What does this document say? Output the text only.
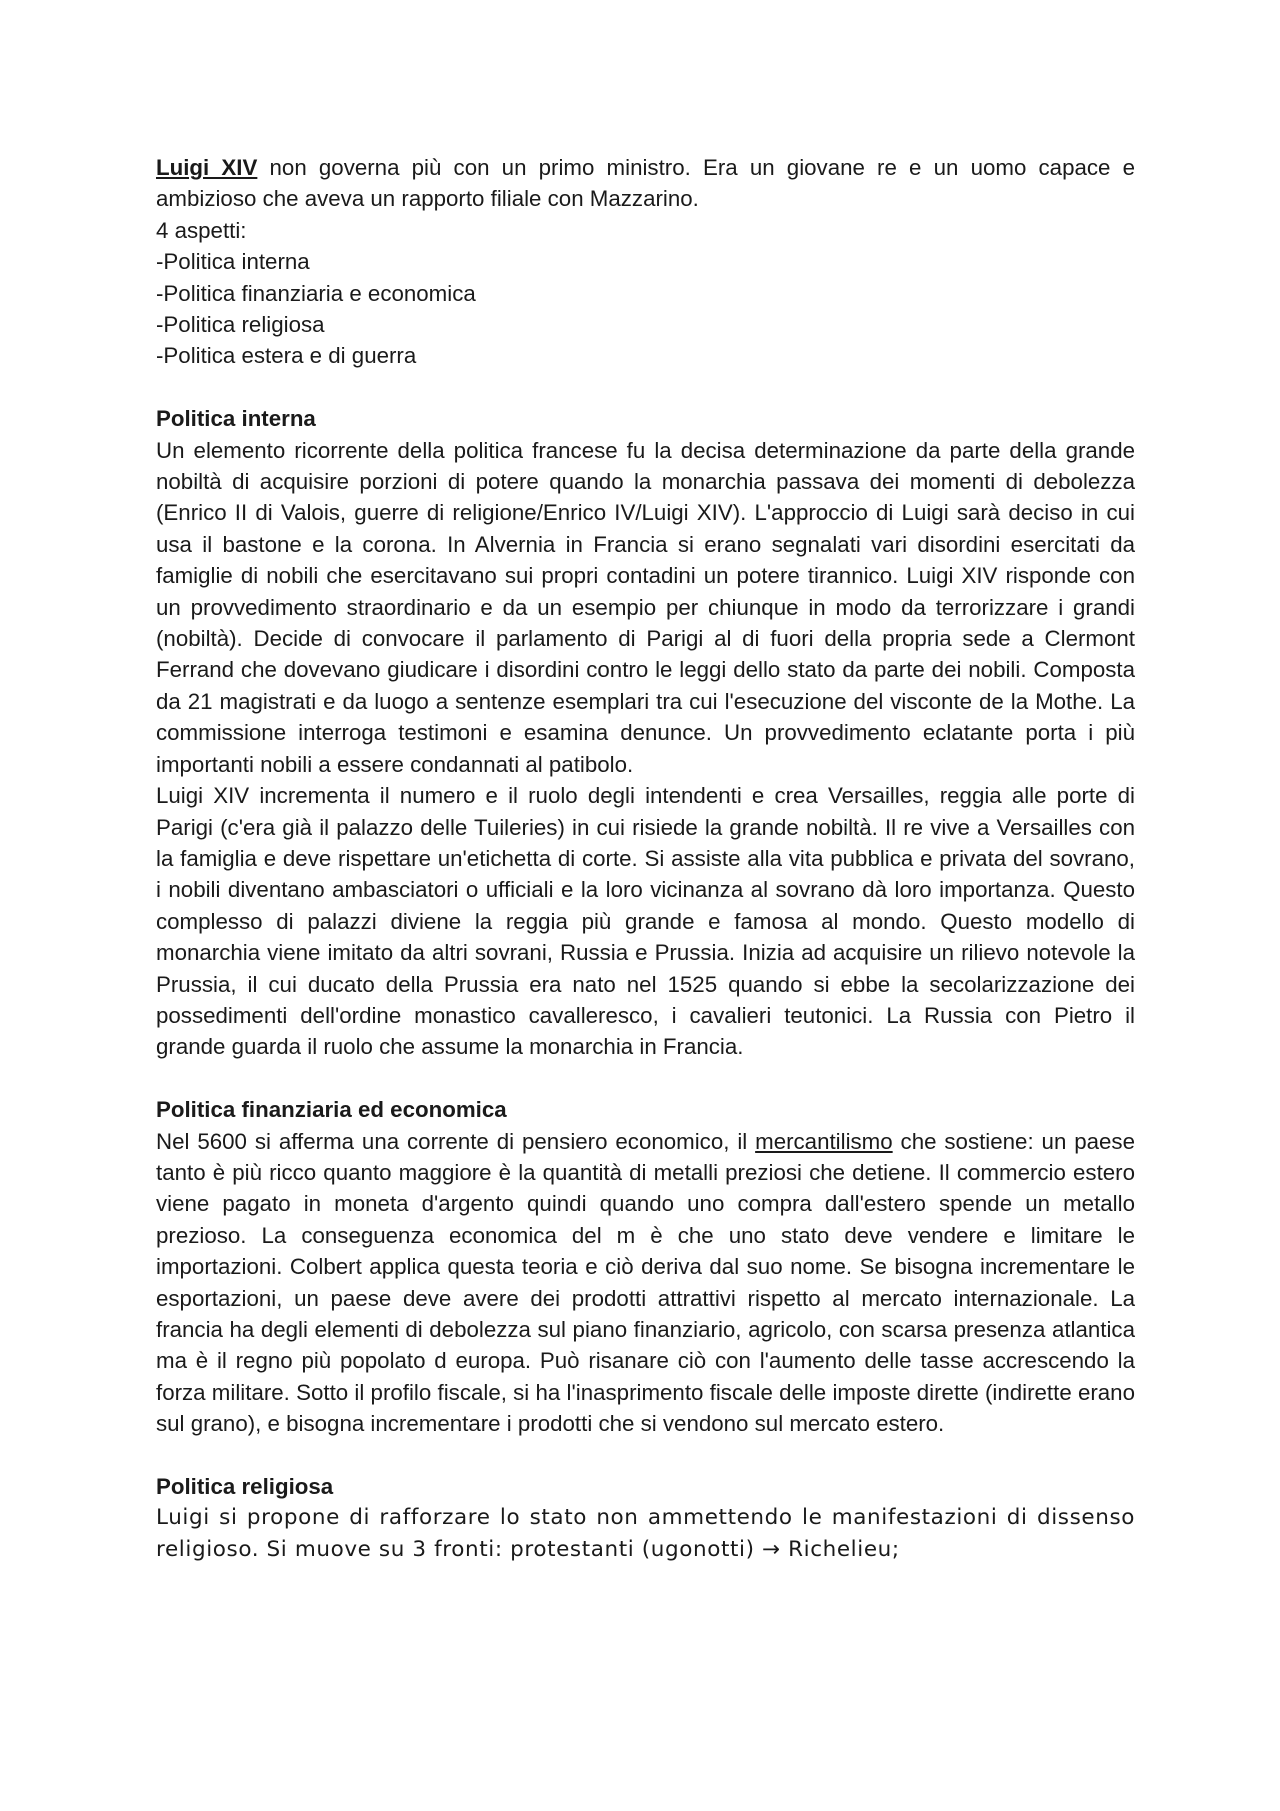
Luigi XIV non governa più con un primo ministro. Era un giovane re e un uomo capace e ambizioso che aveva un rapporto filiale con Mazzarino.

4 aspetti:

-Politica interna

-Politica finanziaria e economica

-Politica religiosa

-Politica estera e di guerra

Politica interna

Un elemento ricorrente della politica francese fu la decisa determinazione da parte della grande nobiltà di acquisire porzioni di potere quando la monarchia passava dei momenti di debolezza (Enrico II di Valois, guerre di religione/Enrico IV/Luigi XIV). L'approccio di Luigi sarà deciso in cui usa il bastone e la corona. In Alvernia in Francia si erano segnalati vari disordini esercitati da famiglie di nobili che esercitavano sui propri contadini un potere tirannico. Luigi XIV risponde con un provvedimento straordinario e da un esempio per chiunque in modo da terrorizzare i grandi (nobiltà). Decide di convocare il parlamento di Parigi al di fuori della propria sede a Clermont Ferrand che dovevano giudicare i disordini contro le leggi dello stato da parte dei nobili. Composta da 21 magistrati e da luogo a sentenze esemplari tra cui l'esecuzione del visconte de la Mothe. La commissione interroga testimoni e esamina denunce. Un provvedimento eclatante porta i più importanti nobili a essere condannati al patibolo.

Luigi XIV incrementa il numero e il ruolo degli intendenti e crea Versailles, reggia alle porte di Parigi (c'era già il palazzo delle Tuileries) in cui risiede la grande nobiltà. Il re vive a Versailles con la famiglia e deve rispettare un'etichetta di corte. Si assiste alla vita pubblica e privata del sovrano, i nobili diventano ambasciatori o ufficiali e la loro vicinanza al sovrano dà loro importanza. Questo complesso di palazzi diviene la reggia più grande e famosa al mondo. Questo modello di monarchia viene imitato da altri sovrani, Russia e Prussia. Inizia ad acquisire un rilievo notevole la Prussia, il cui ducato della Prussia era nato nel 1525 quando si ebbe la secolarizzazione dei possedimenti dell'ordine monastico cavalleresco, i cavalieri teutonici. La Russia con Pietro il grande guarda il ruolo che assume la monarchia in Francia.

Politica finanziaria ed economica

Nel 5600 si afferma una corrente di pensiero economico, il mercantilismo che sostiene: un paese tanto è più ricco quanto maggiore è la quantità di metalli preziosi che detiene. Il commercio estero viene pagato in moneta d'argento quindi quando uno compra dall'estero spende un metallo prezioso. La conseguenza economica del m è che uno stato deve vendere e limitare le importazioni. Colbert applica questa teoria e ciò deriva dal suo nome. Se bisogna incrementare le esportazioni, un paese deve avere dei prodotti attrattivi rispetto al mercato internazionale. La francia ha degli elementi di debolezza sul piano finanziario, agricolo, con scarsa presenza atlantica ma è il regno più popolato d europa. Può risanare ciò con l'aumento delle tasse accrescendo la forza militare. Sotto il profilo fiscale, si ha l'inasprimento fiscale delle imposte dirette (indirette erano sul grano), e bisogna incrementare i prodotti che si vendono sul mercato estero.

Politica religiosa

Luigi si propone di rafforzare lo stato non ammettendo le manifestazioni di dissenso religioso. Si muove su 3 fronti: protestanti (ugonotti) → Richelieu;
